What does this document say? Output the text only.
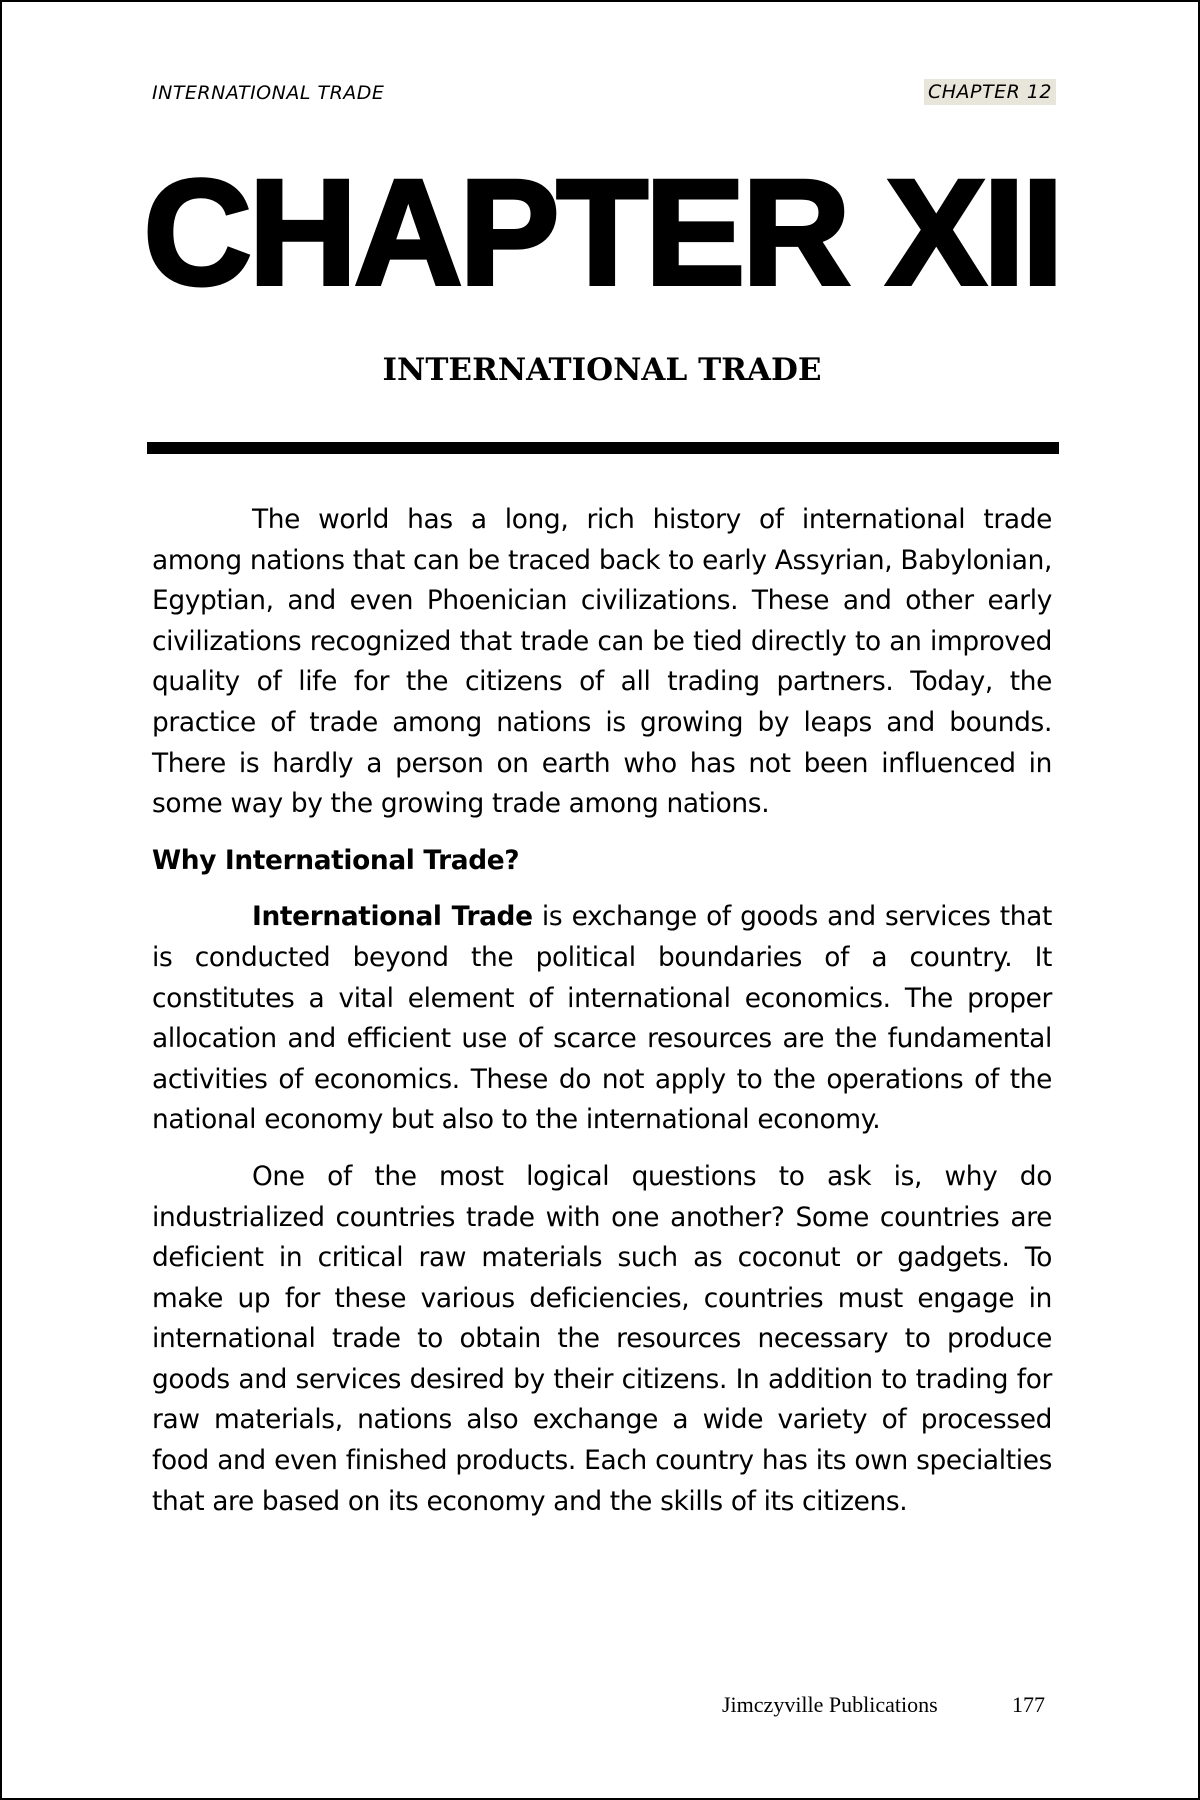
INTERNATIONAL TRADE	CHAPTER 12
CHAPTER XII
INTERNATIONAL TRADE

The world has a long, rich history of international trade among nations that can be traced back to early Assyrian, Babylonian, Egyptian, and even Phoenician civilizations. These and other early civilizations recognized that trade can be tied directly to an improved quality of life for the citizens of all trading partners. Today, the practice of trade among nations is growing by leaps and bounds. There is hardly a person on earth who has not been influenced in some way by the growing trade among nations.

Why International Trade?

International Trade is exchange of goods and services that is conducted beyond the political boundaries of a country. It constitutes a vital element of international economics. The proper allocation and efficient use of scarce resources are the fundamental activities of economics. These do not apply to the operations of the national economy but also to the international economy.

One of the most logical questions to ask is, why do industrialized countries trade with one another? Some countries are deficient in critical raw materials such as coconut or gadgets. To make up for these various deficiencies, countries must engage in international trade to obtain the resources necessary to produce goods and services desired by their citizens. In addition to trading for raw materials, nations also exchange a wide variety of processed food and even finished products. Each country has its own specialties that are based on its economy and the skills of its citizens.

Jimczyville Publications	177
